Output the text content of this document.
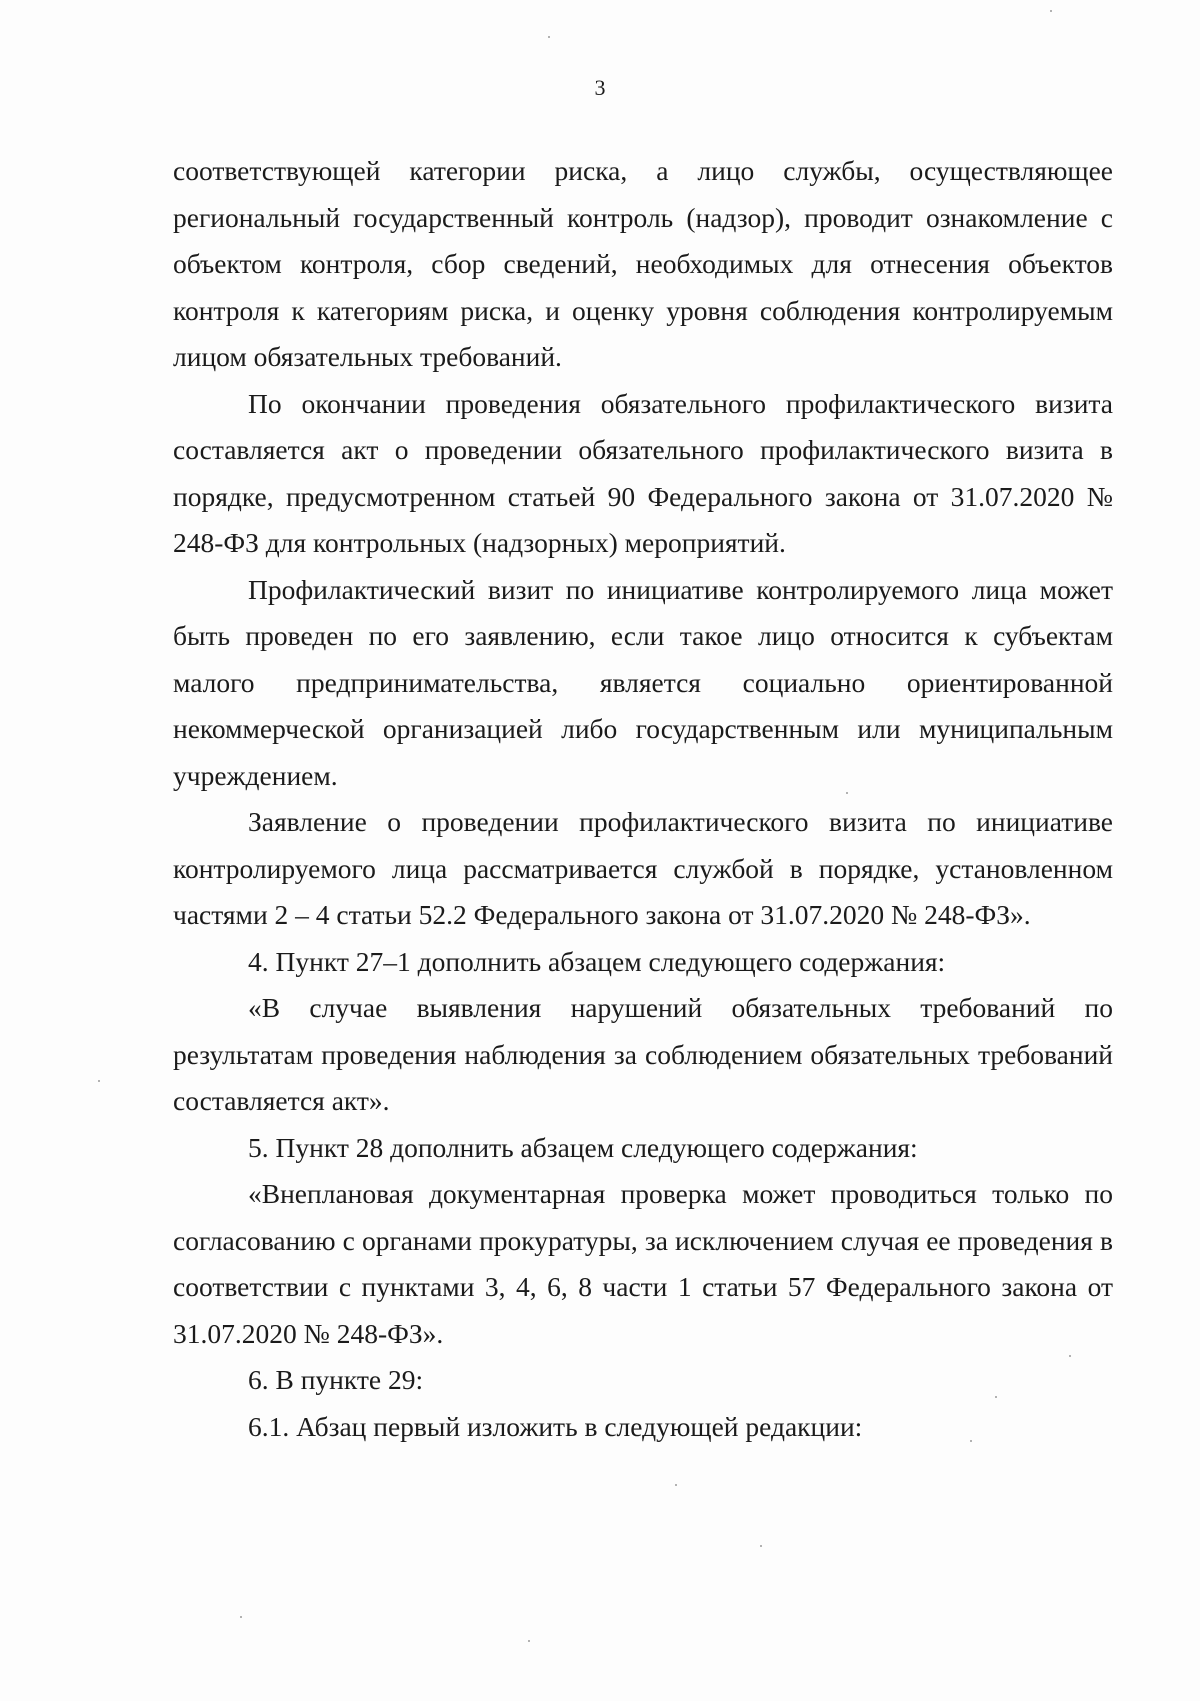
3

соответствующей категории риска, а лицо службы, осуществляющее региональный государственный контроль (надзор), проводит ознакомление с объектом контроля, сбор сведений, необходимых для отнесения объектов контроля к категориям риска, и оценку уровня соблюдения контролируемым лицом обязательных требований.

По окончании проведения обязательного профилактического визита составляется акт о проведении обязательного профилактического визита в порядке, предусмотренном статьей 90 Федерального закона от 31.07.2020 № 248-ФЗ для контрольных (надзорных) мероприятий.

Профилактический визит по инициативе контролируемого лица может быть проведен по его заявлению, если такое лицо относится к субъектам малого предпринимательства, является социально ориентированной некоммерческой организацией либо государственным или муниципальным учреждением.

Заявление о проведении профилактического визита по инициативе контролируемого лица рассматривается службой в порядке, установленном частями 2 – 4 статьи 52.2 Федерального закона от 31.07.2020 № 248-ФЗ».

4. Пункт 27–1 дополнить абзацем следующего содержания:

«В случае выявления нарушений обязательных требований по результатам проведения наблюдения за соблюдением обязательных требований составляется акт».

5. Пункт 28 дополнить абзацем следующего содержания:

«Внеплановая документарная проверка может проводиться только по согласованию с органами прокуратуры, за исключением случая ее проведения в соответствии с пунктами 3, 4, 6, 8 части 1 статьи 57 Федерального закона от 31.07.2020 № 248-ФЗ».

6. В пункте 29:

6.1. Абзац первый изложить в следующей редакции:
